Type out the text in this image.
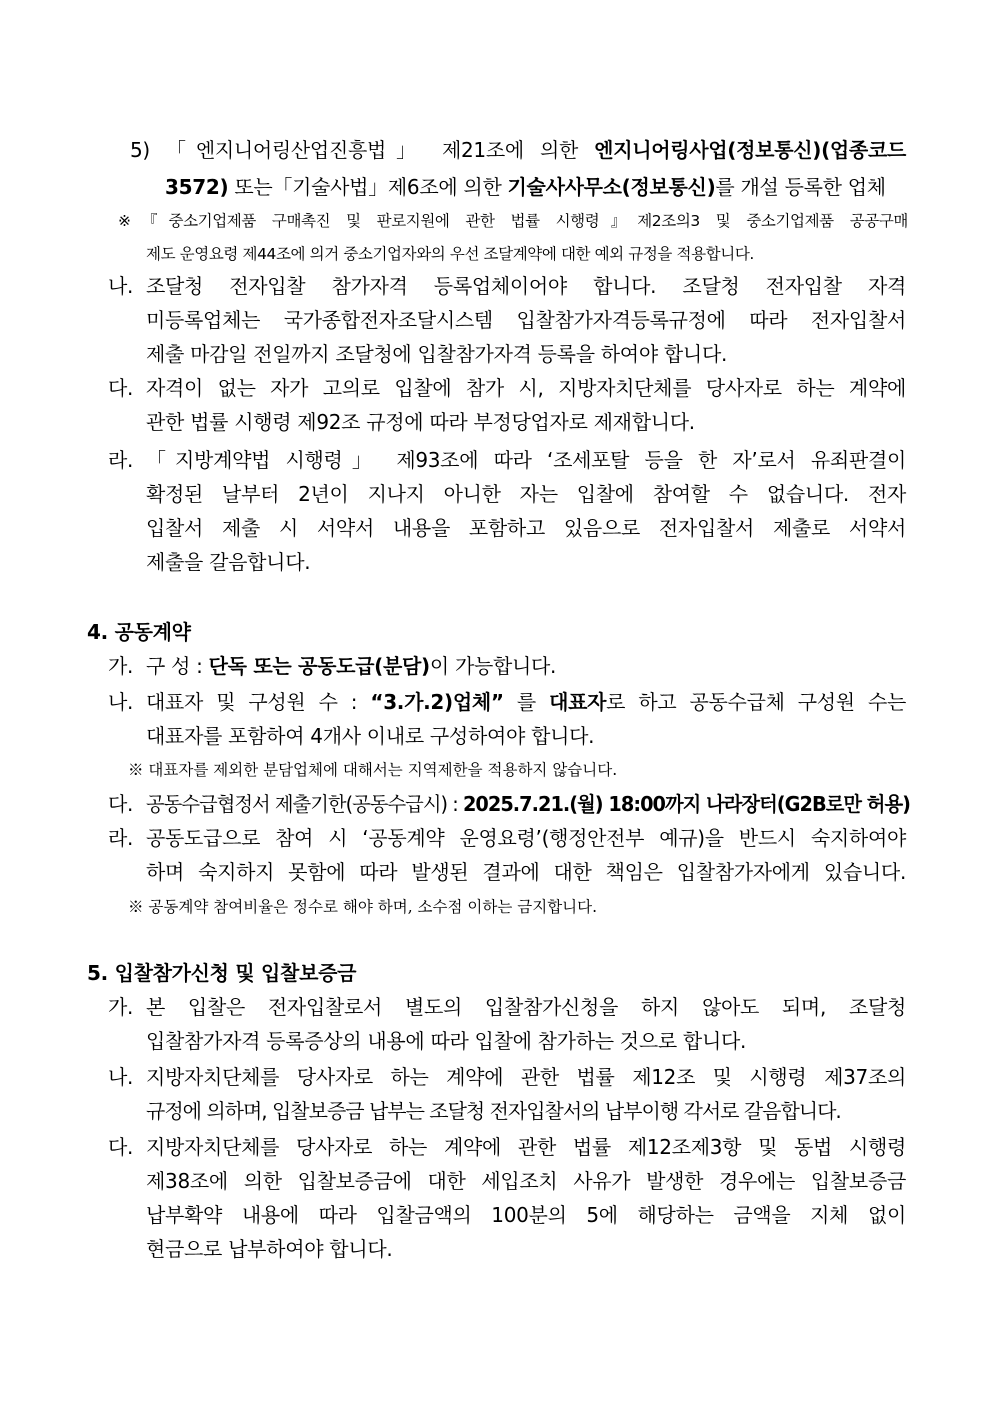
5) 「엔지니어링산업진흥법」 제21조에 의한 엔지니어링사업(정보통신)(업종코드
3572) 또는「기술사법」제6조에 의한 기술사사무소(정보통신)를 개설 등록한 업체
※『중소기업제품 구매촉진 및 판로지원에 관한 법률 시행령』제2조의3 및 중소기업제품 공공구매
제도 운영요령 제44조에 의거 중소기업자와의 우선 조달계약에 대한 예외 규정을 적용합니다.
나. 조달청 전자입찰 참가자격 등록업체이어야 합니다. 조달청 전자입찰 자격
미등록업체는 국가종합전자조달시스템 입찰참가자격등록규정에 따라 전자입찰서
제출 마감일 전일까지 조달청에 입찰참가자격 등록을 하여야 합니다.
다. 자격이 없는 자가 고의로 입찰에 참가 시, 지방자치단체를 당사자로 하는 계약에
관한 법률 시행령 제92조 규정에 따라 부정당업자로 제재합니다.
라. 「지방계약법 시행령」 제93조에 따라 ‘조세포탈 등을 한 자’로서 유죄판결이
확정된 날부터 2년이 지나지 아니한 자는 입찰에 참여할 수 없습니다. 전자
입찰서 제출 시 서약서 내용을 포함하고 있음으로 전자입찰서 제출로 서약서
제출을 갈음합니다.
4. 공동계약
가. 구 성 : 단독 또는 공동도급(분담)이 가능합니다.
나. 대표자 및 구성원 수 : “3.가.2)업체” 를 대표자로 하고 공동수급체 구성원 수는
대표자를 포함하여 4개사 이내로 구성하여야 합니다.
※ 대표자를 제외한 분담업체에 대해서는 지역제한을 적용하지 않습니다.
다. 공동수급협정서 제출기한(공동수급시) : 2025.7.21.(월) 18:00까지 나라장터(G2B로만 허용)
라. 공동도급으로 참여 시 ‘공동계약 운영요령’(행정안전부 예규)을 반드시 숙지하여야
하며 숙지하지 못함에 따라 발생된 결과에 대한 책임은 입찰참가자에게 있습니다.
※ 공동계약 참여비율은 정수로 해야 하며, 소수점 이하는 금지합니다.
5. 입찰참가신청 및 입찰보증금
가. 본 입찰은 전자입찰로서 별도의 입찰참가신청을 하지 않아도 되며, 조달청
입찰참가자격 등록증상의 내용에 따라 입찰에 참가하는 것으로 합니다.
나. 지방자치단체를 당사자로 하는 계약에 관한 법률 제12조 및 시행령 제37조의
규정에 의하며, 입찰보증금 납부는 조달청 전자입찰서의 납부이행 각서로 갈음합니다.
다. 지방자치단체를 당사자로 하는 계약에 관한 법률 제12조제3항 및 동법 시행령
제38조에 의한 입찰보증금에 대한 세입조치 사유가 발생한 경우에는 입찰보증금
납부확약 내용에 따라 입찰금액의 100분의 5에 해당하는 금액을 지체 없이
현금으로 납부하여야 합니다.
